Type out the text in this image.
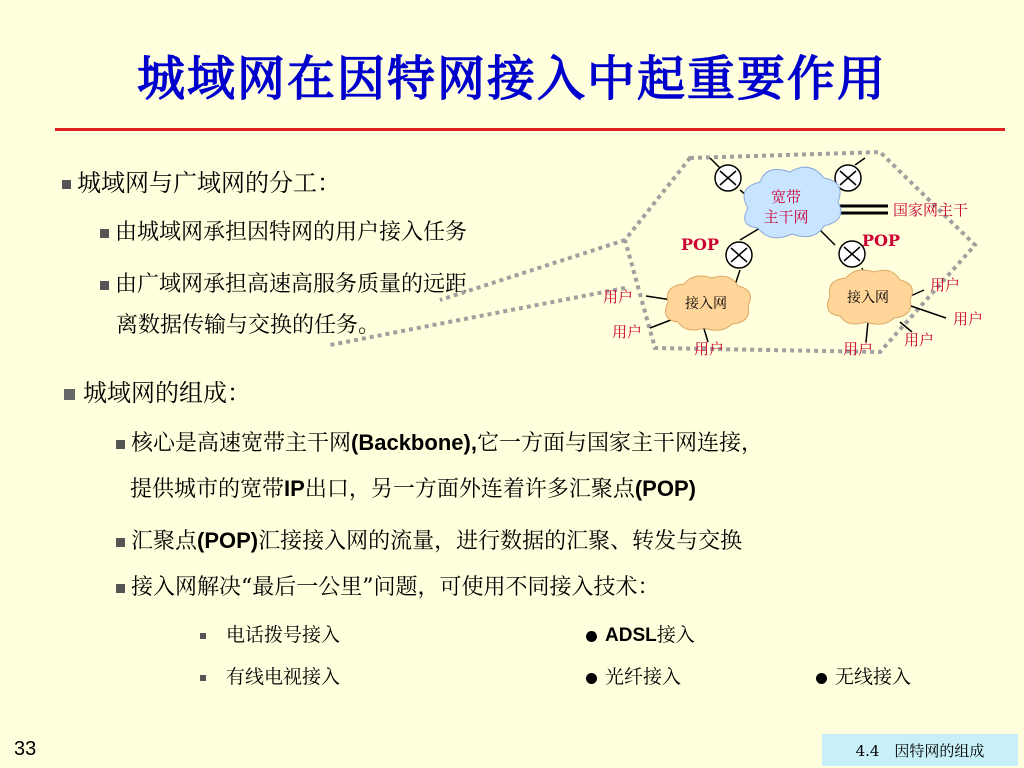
城域网在因特网接入中起重要作用
城域网与广域网的分工：
由城域网承担因特网的用户接入任务
由广域网承担高速高服务质量的远距
离数据传输与交换的任务。
城域网的组成：
核心是高速宽带主干网(Backbone),它一方面与国家主干网连接，
提供城市的宽带IP出口，另一方面外连着许多汇聚点(POP)
汇聚点(POP)汇接接入网的流量，进行数据的汇聚、转发与交换
接入网解决“最后一公里”问题，可使用不同接入技术：
电话拨号接入
有线电视接入
ADSL接入
光纤接入	无线接入
宽带
主干网	国家网主干
POP	POP
接入网	接入网
用户
用户
用户	用户 用户
用户
用户
33	4.4　因特网的组成
